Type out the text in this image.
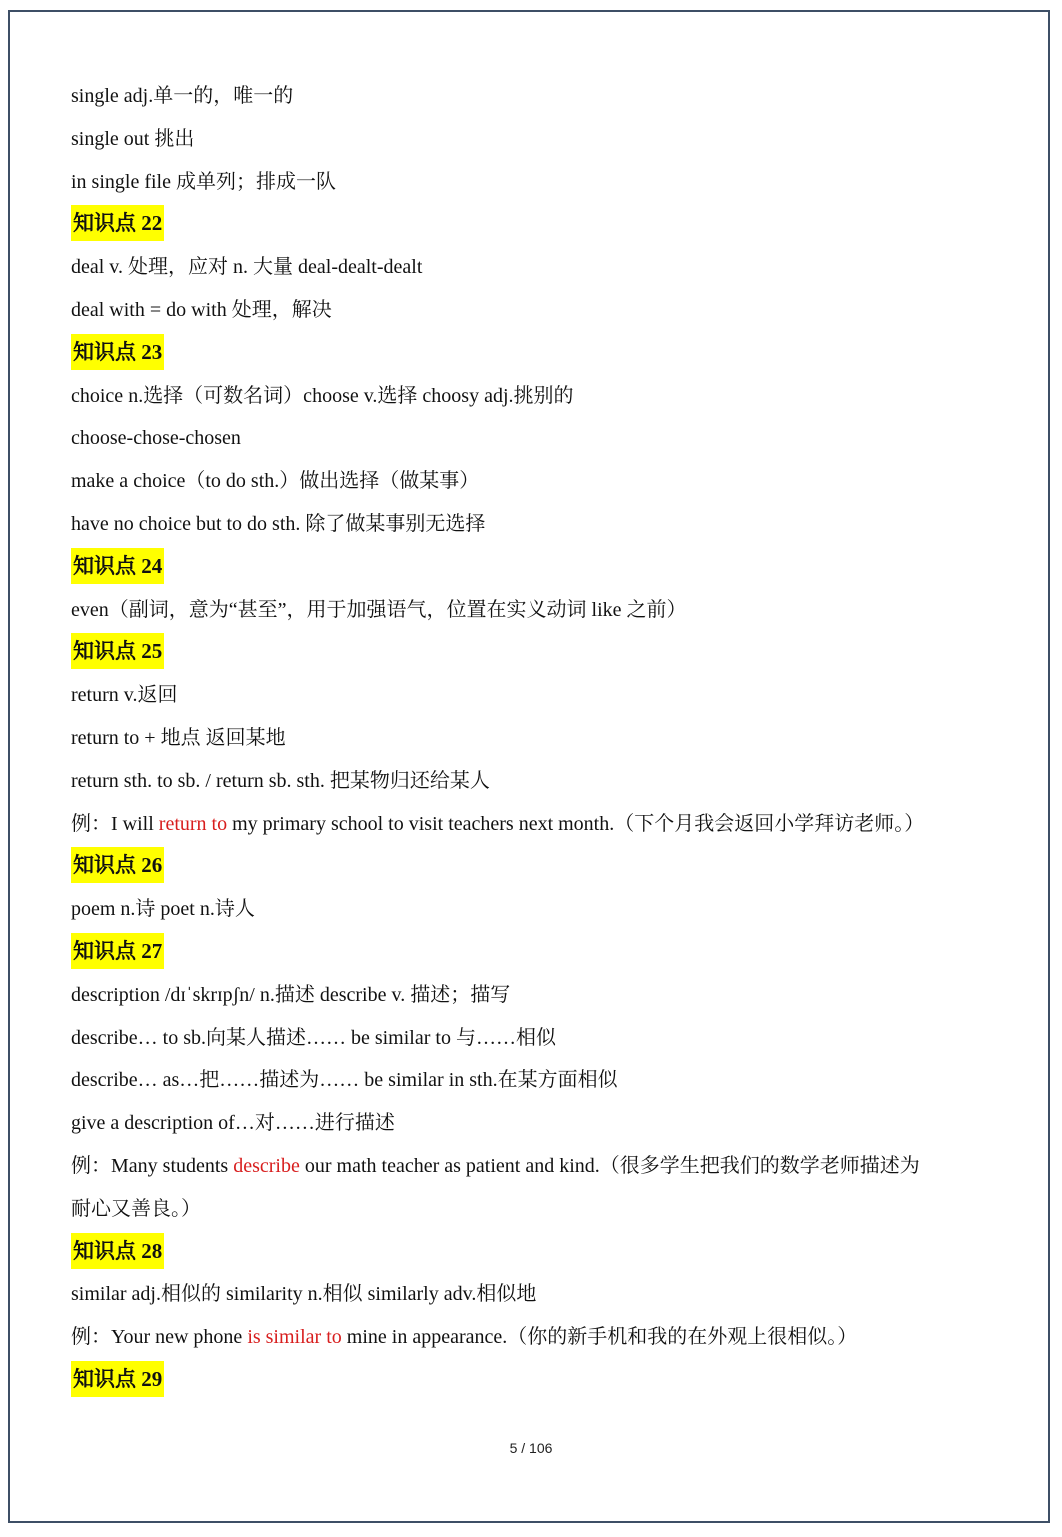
single adj.单一的，唯一的
single out 挑出
in single file 成单列；排成一队
知识点 22
deal v. 处理，应对 n. 大量 deal-dealt-dealt
deal with = do with 处理，解决
知识点 23
choice n.选择（可数名词）choose v.选择 choosy adj.挑别的
choose-chose-chosen
make a choice（to do sth.）做出选择（做某事）
have no choice but to do sth. 除了做某事别无选择
知识点 24
even（副词，意为“甚至”，用于加强语气，位置在实义动词 like 之前）
知识点 25
return v.返回
return to + 地点 返回某地
return sth. to sb. / return sb. sth. 把某物归还给某人
例：I will return to my primary school to visit teachers next month.（下个月我会返回小学拜访老师。）
知识点 26
poem n.诗 poet n.诗人
知识点 27
description /dɪˈskrɪpʃn/ n.描述 describe v. 描述；描写
describe… to sb.向某人描述…… be similar to 与……相似
describe… as…把……描述为…… be similar in sth.在某方面相似
give a description of…对……进行描述
例：Many students describe our math teacher as patient and kind.（很多学生把我们的数学老师描述为
耐心又善良。）
知识点 28
similar adj.相似的 similarity n.相似 similarly adv.相似地
例：Your new phone is similar to mine in appearance.（你的新手机和我的在外观上很相似。）
知识点 29
5 / 106
